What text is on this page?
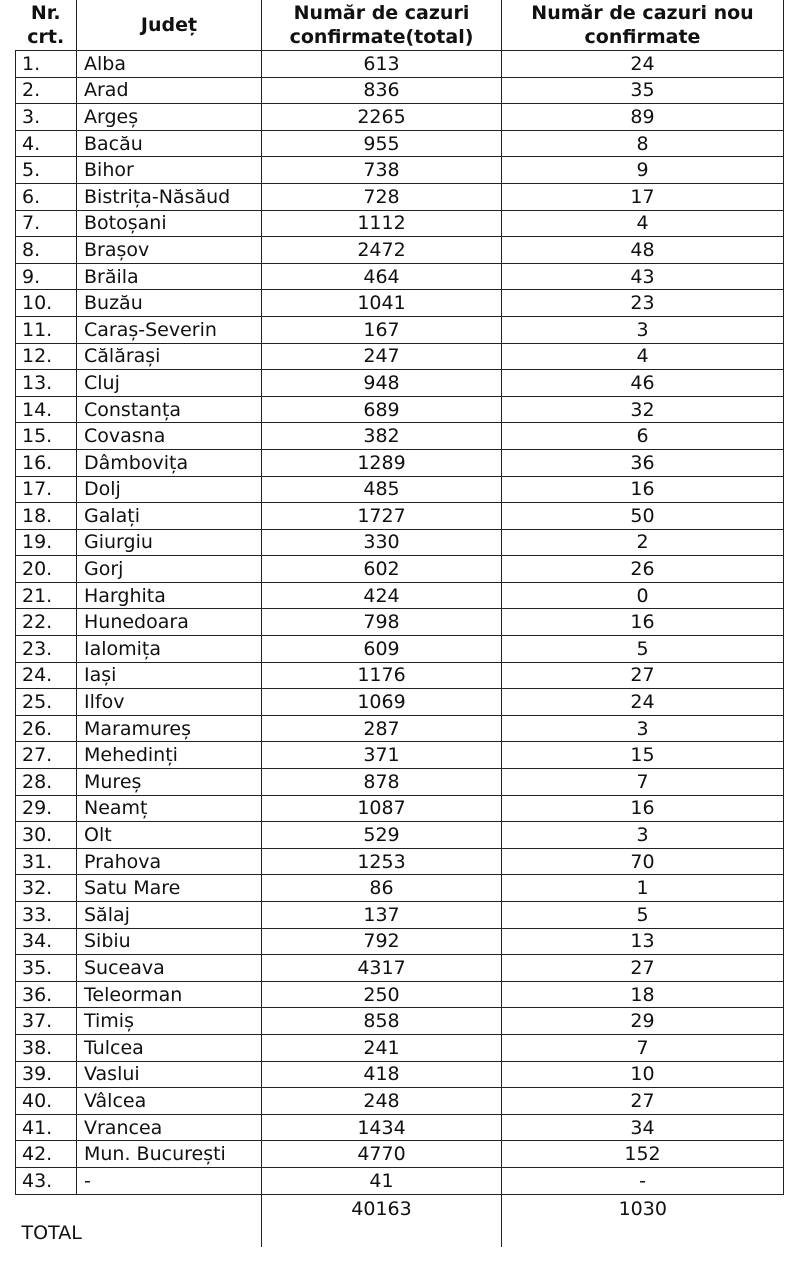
Nr. crt.	Județ	Număr de cazuri confirmate(total)	Număr de cazuri nou confirmate
1.	Alba	613	24
2.	Arad	836	35
3.	Argeș	2265	89
4.	Bacău	955	8
5.	Bihor	738	9
6.	Bistrița-Năsăud	728	17
7.	Botoșani	1112	4
8.	Brașov	2472	48
9.	Brăila	464	43
10.	Buzău	1041	23
11.	Caraș-Severin	167	3
12.	Călărași	247	4
13.	Cluj	948	46
14.	Constanța	689	32
15.	Covasna	382	6
16.	Dâmbovița	1289	36
17.	Dolj	485	16
18.	Galați	1727	50
19.	Giurgiu	330	2
20.	Gorj	602	26
21.	Harghita	424	0
22.	Hunedoara	798	16
23.	Ialomița	609	5
24.	Iași	1176	27
25.	Ilfov	1069	24
26.	Maramureș	287	3
27.	Mehedinți	371	15
28.	Mureș	878	7
29.	Neamț	1087	16
30.	Olt	529	3
31.	Prahova	1253	70
32.	Satu Mare	86	1
33.	Sălaj	137	5
34.	Sibiu	792	13
35.	Suceava	4317	27
36.	Teleorman	250	18
37.	Timiș	858	29
38.	Tulcea	241	7
39.	Vaslui	418	10
40.	Vâlcea	248	27
41.	Vrancea	1434	34
42.	Mun. București	4770	152
43.	-	41	-
TOTAL		40163	1030
